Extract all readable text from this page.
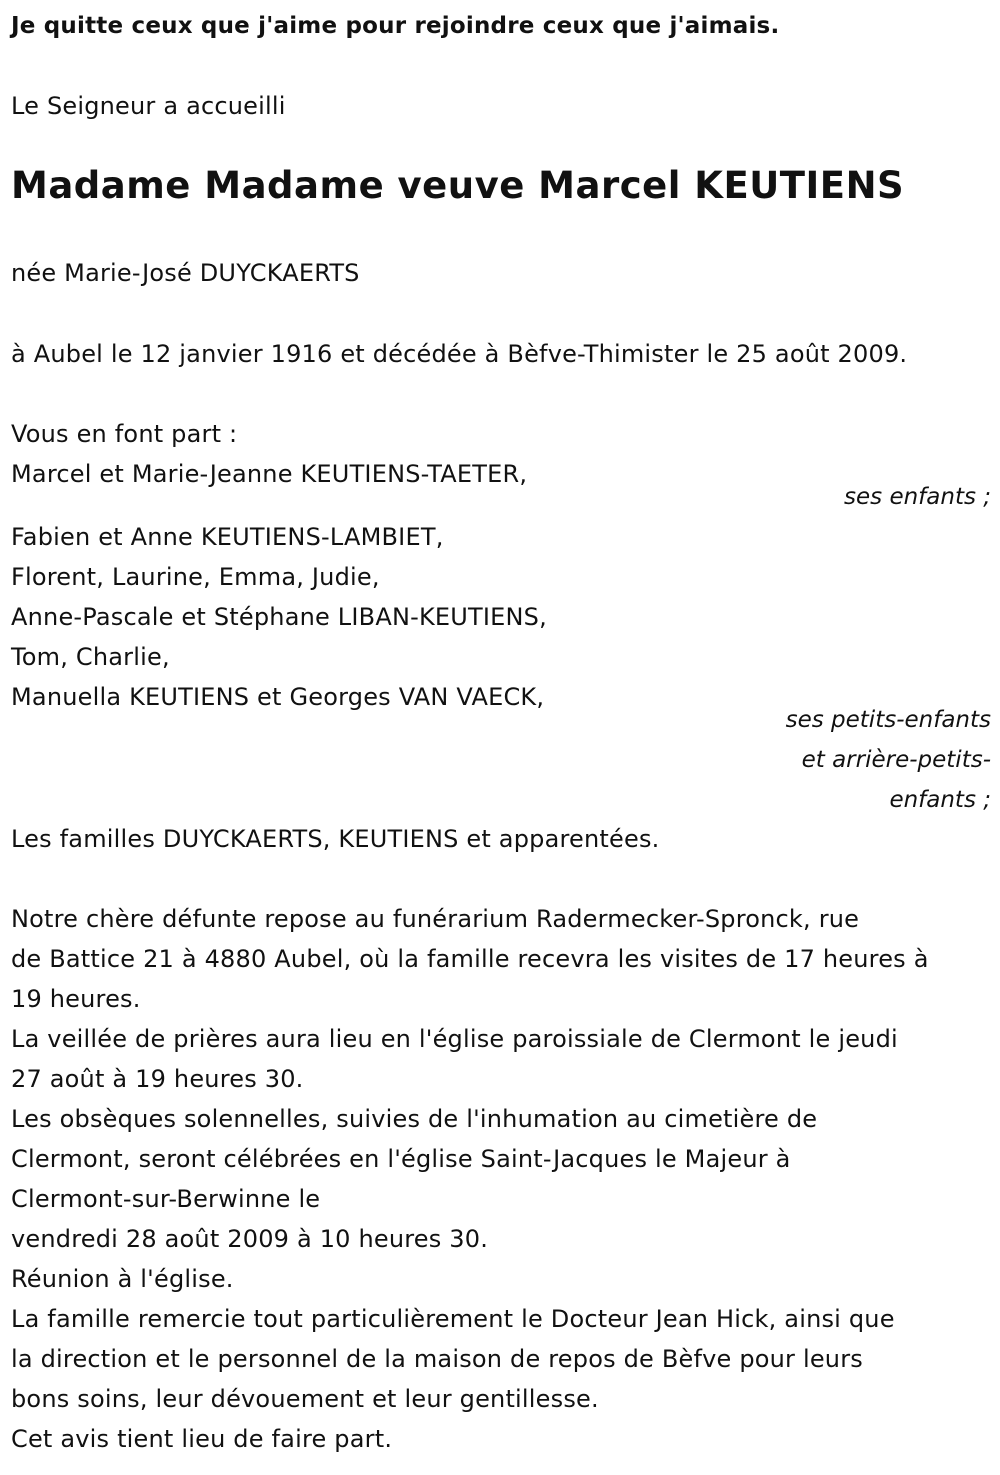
Je quitte ceux que j'aime pour rejoindre ceux que j'aimais.
Le Seigneur a accueilli
Madame Madame veuve Marcel KEUTIENS
née Marie-José DUYCKAERTS
à Aubel le 12 janvier 1916 et décédée à Bèfve-Thimister le 25 août 2009.
Vous en font part :
Marcel et Marie-Jeanne KEUTIENS-TAETER,
ses enfants ;
Fabien et Anne KEUTIENS-LAMBIET,
Florent, Laurine, Emma, Judie,
Anne-Pascale et Stéphane LIBAN-KEUTIENS,
Tom, Charlie,
Manuella KEUTIENS et Georges VAN VAECK,
ses petits-enfants
et arrière-petits-
enfants ;
Les familles DUYCKAERTS, KEUTIENS et apparentées.
Notre chère défunte repose au funérarium Radermecker-Spronck, rue
de Battice 21 à 4880 Aubel, où la famille recevra les visites de 17 heures à
19 heures.
La veillée de prières aura lieu en l'église paroissiale de Clermont le jeudi
27 août à 19 heures 30.
Les obsèques solennelles, suivies de l'inhumation au cimetière de
Clermont, seront célébrées en l'église Saint-Jacques le Majeur à
Clermont-sur-Berwinne le
vendredi 28 août 2009 à 10 heures 30.
Réunion à l'église.
La famille remercie tout particulièrement le Docteur Jean Hick, ainsi que
la direction et le personnel de la maison de repos de Bèfve pour leurs
bons soins, leur dévouement et leur gentillesse.
Cet avis tient lieu de faire part.
